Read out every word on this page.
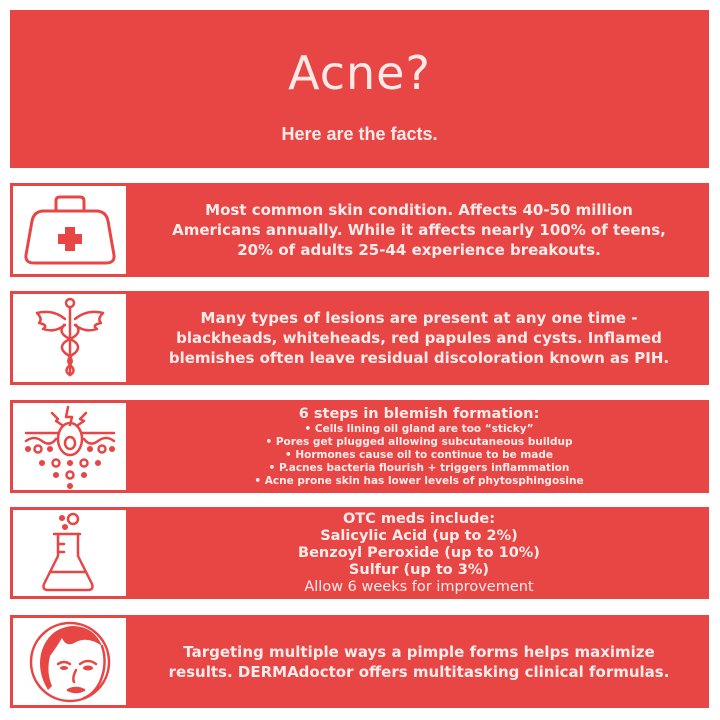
Acne?
Here are the facts.
Most common skin condition. Affects 40-50 million
Americans annually. While it affects nearly 100% of teens,
20% of adults 25-44 experience breakouts.
Many types of lesions are present at any one time -
blackheads, whiteheads, red papules and cysts. Inflamed
blemishes often leave residual discoloration known as PIH.
6 steps in blemish formation:
• Cells lining oil gland are too “sticky”
• Pores get plugged allowing subcutaneous buildup
• Hormones cause oil to continue to be made
• P.acnes bacteria flourish + triggers inflammation
• Acne prone skin has lower levels of phytosphingosine
OTC meds include:
Salicylic Acid (up to 2%)
Benzoyl Peroxide (up to 10%)
Sulfur (up to 3%)
Allow 6 weeks for improvement
Targeting multiple ways a pimple forms helps maximize
results. DERMAdoctor offers multitasking clinical formulas.
